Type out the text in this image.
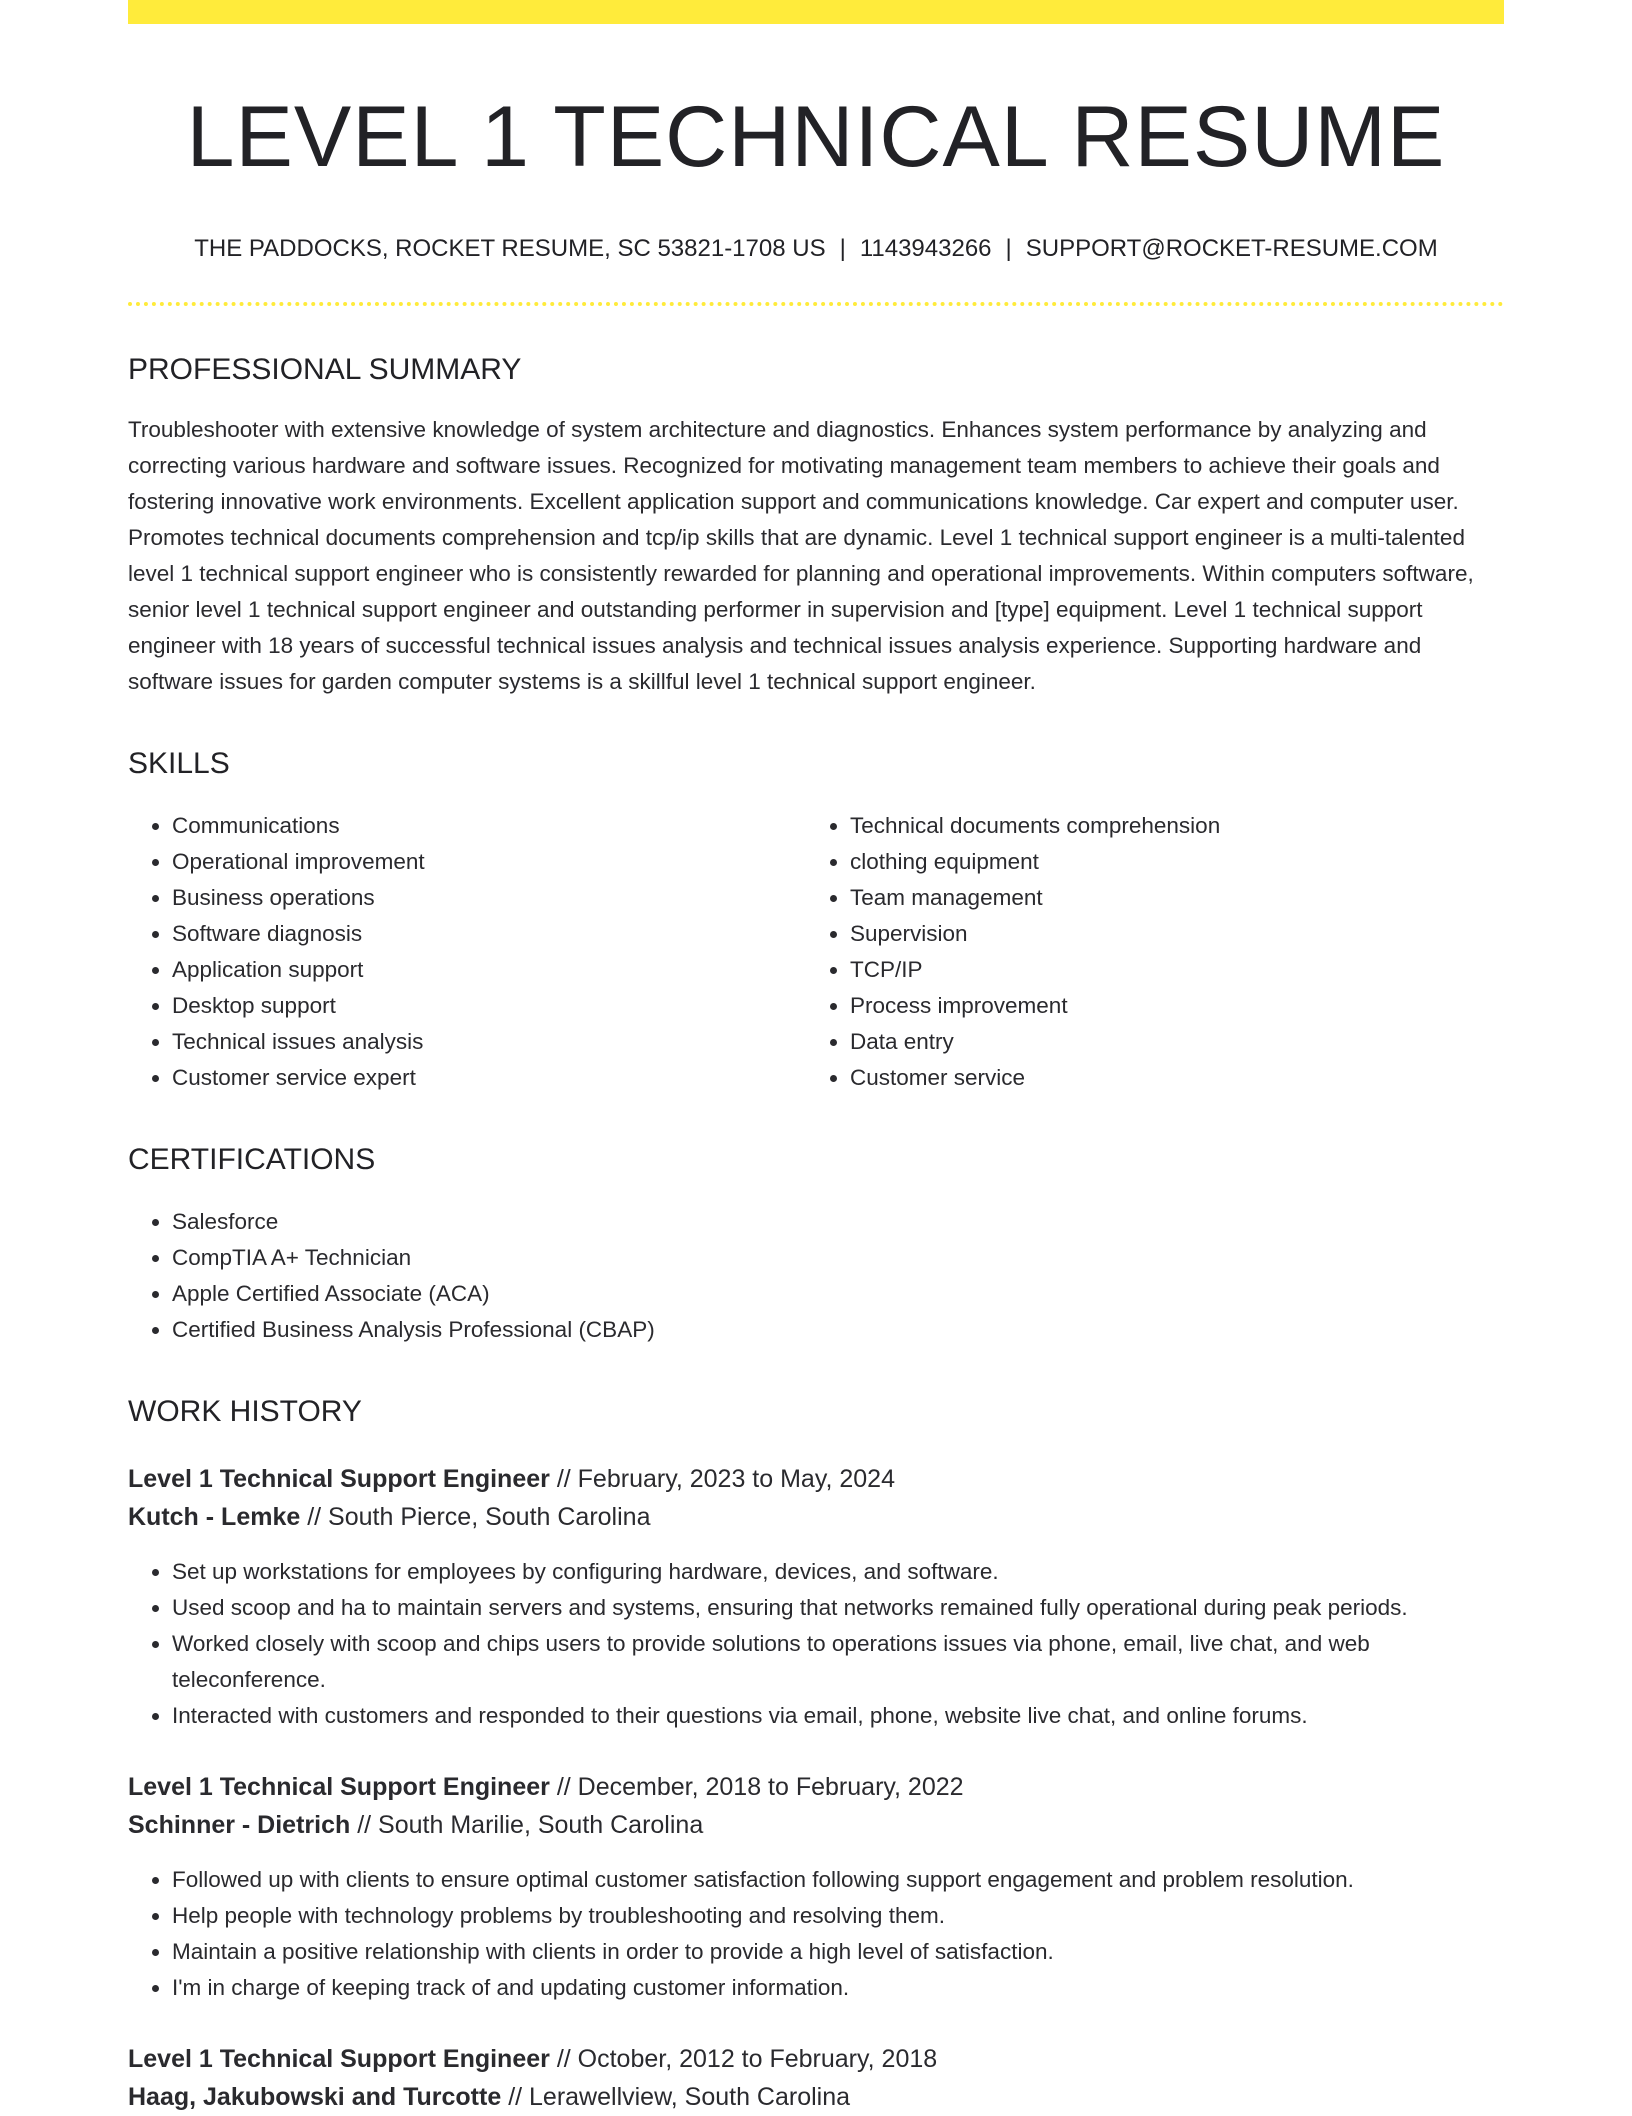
LEVEL 1 TECHNICAL RESUME
THE PADDOCKS, ROCKET RESUME, SC 53821-1708 US | 1143943266 | SUPPORT@ROCKET-RESUME.COM
PROFESSIONAL SUMMARY
Troubleshooter with extensive knowledge of system architecture and diagnostics. Enhances system performance by analyzing and correcting various hardware and software issues. Recognized for motivating management team members to achieve their goals and fostering innovative work environments. Excellent application support and communications knowledge. Car expert and computer user. Promotes technical documents comprehension and tcp/ip skills that are dynamic. Level 1 technical support engineer is a multi-talented level 1 technical support engineer who is consistently rewarded for planning and operational improvements. Within computers software, senior level 1 technical support engineer and outstanding performer in supervision and [type] equipment. Level 1 technical support engineer with 18 years of successful technical issues analysis and technical issues analysis experience. Supporting hardware and software issues for garden computer systems is a skillful level 1 technical support engineer.
SKILLS
• Communications
• Operational improvement
• Business operations
• Software diagnosis
• Application support
• Desktop support
• Technical issues analysis
• Customer service expert
• Technical documents comprehension
• clothing equipment
• Team management
• Supervision
• TCP/IP
• Process improvement
• Data entry
• Customer service
CERTIFICATIONS
• Salesforce
• CompTIA A+ Technician
• Apple Certified Associate (ACA)
• Certified Business Analysis Professional (CBAP)
WORK HISTORY
Level 1 Technical Support Engineer // February, 2023 to May, 2024
Kutch - Lemke // South Pierce, South Carolina
• Set up workstations for employees by configuring hardware, devices, and software.
• Used scoop and ha to maintain servers and systems, ensuring that networks remained fully operational during peak periods.
• Worked closely with scoop and chips users to provide solutions to operations issues via phone, email, live chat, and web teleconference.
• Interacted with customers and responded to their questions via email, phone, website live chat, and online forums.
Level 1 Technical Support Engineer // December, 2018 to February, 2022
Schinner - Dietrich // South Marilie, South Carolina
• Followed up with clients to ensure optimal customer satisfaction following support engagement and problem resolution.
• Help people with technology problems by troubleshooting and resolving them.
• Maintain a positive relationship with clients in order to provide a high level of satisfaction.
• I'm in charge of keeping track of and updating customer information.
Level 1 Technical Support Engineer // October, 2012 to February, 2018
Haag, Jakubowski and Turcotte // Lerawellview, South Carolina
